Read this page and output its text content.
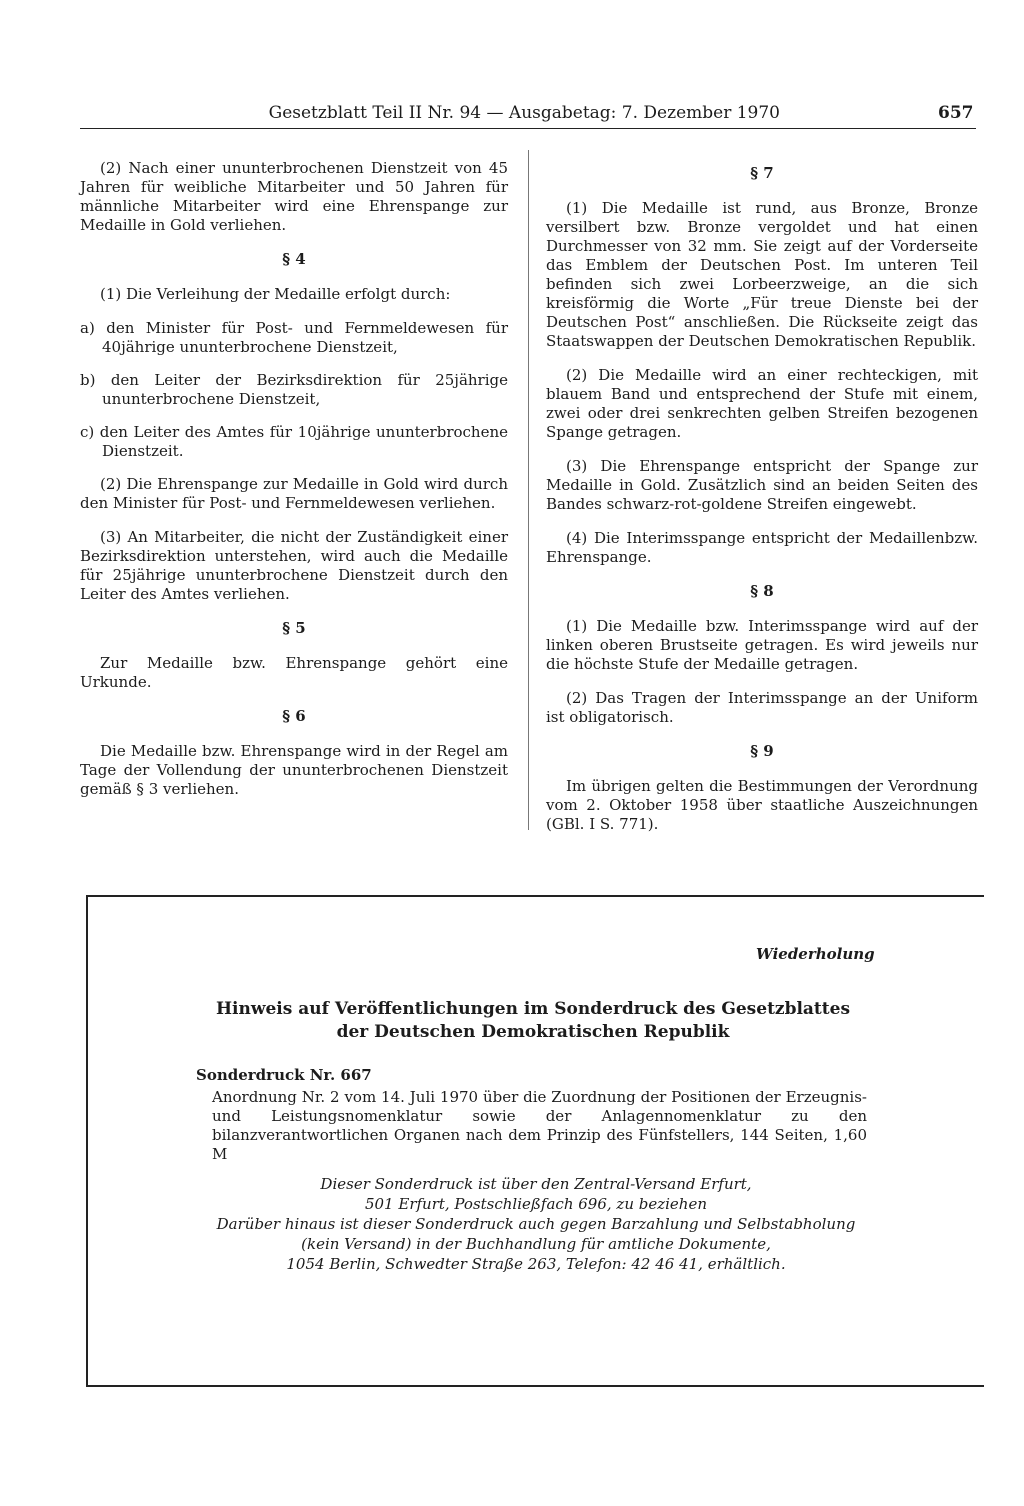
Gesetzblatt Teil II Nr. 94 — Ausgabetag: 7. Dezember 1970	657

(2) Nach einer ununterbrochenen Dienstzeit von 45 Jahren für weibliche Mitarbeiter und 50 Jahren für männliche Mitarbeiter wird eine Ehrenspange zur Medaille in Gold verliehen.

§ 4

(1) Die Verleihung der Medaille erfolgt durch:

a) den Minister für Post- und Fernmeldewesen für 40jährige ununterbrochene Dienstzeit,

b) den Leiter der Bezirksdirektion für 25jährige ununterbrochene Dienstzeit,

c) den Leiter des Amtes für 10jährige ununterbrochene Dienstzeit.

(2) Die Ehrenspange zur Medaille in Gold wird durch den Minister für Post- und Fernmeldewesen verliehen.

(3) An Mitarbeiter, die nicht der Zuständigkeit einer Bezirksdirektion unterstehen, wird auch die Medaille für 25jährige ununterbrochene Dienstzeit durch den Leiter des Amtes verliehen.

§ 5

Zur Medaille bzw. Ehrenspange gehört eine Urkunde.

§ 6

Die Medaille bzw. Ehrenspange wird in der Regel am Tage der Vollendung der ununterbrochenen Dienstzeit gemäß § 3 verliehen.

§ 7

(1) Die Medaille ist rund, aus Bronze, Bronze versilbert bzw. Bronze vergoldet und hat einen Durchmesser von 32 mm. Sie zeigt auf der Vorderseite das Emblem der Deutschen Post. Im unteren Teil befinden sich zwei Lorbeerzweige, an die sich kreisförmig die Worte „Für treue Dienste bei der Deutschen Post“ anschließen. Die Rückseite zeigt das Staatswappen der Deutschen Demokratischen Republik.

(2) Die Medaille wird an einer rechteckigen, mit blauem Band und entsprechend der Stufe mit einem, zwei oder drei senkrechten gelben Streifen bezogenen Spange getragen.

(3) Die Ehrenspange entspricht der Spange zur Medaille in Gold. Zusätzlich sind an beiden Seiten des Bandes schwarz-rot-goldene Streifen eingewebt.

(4) Die Interimsspange entspricht der Medaillenbzw. Ehrenspange.

§ 8

(1) Die Medaille bzw. Interimsspange wird auf der linken oberen Brustseite getragen. Es wird jeweils nur die höchste Stufe der Medaille getragen.

(2) Das Tragen der Interimsspange an der Uniform ist obligatorisch.

§ 9

Im übrigen gelten die Bestimmungen der Verordnung vom 2. Oktober 1958 über staatliche Auszeichnungen (GBl. I S. 771).

Wiederholung
Hinweis auf Veröffentlichungen im Sonderdruck des Gesetzblattes
der Deutschen Demokratischen Republik
Sonderdruck Nr. 667
Anordnung Nr. 2 vom 14. Juli 1970 über die Zuordnung der Positionen der Erzeugnis- und Leistungsnomenklatur sowie der Anlagennomenklatur zu den bilanzverantwortlichen Organen nach dem Prinzip des Fünfstellers, 144 Seiten, 1,60 M
Dieser Sonderdruck ist über den Zentral-Versand Erfurt,
501 Erfurt, Postschließfach 696, zu beziehen
Darüber hinaus ist dieser Sonderdruck auch gegen Barzahlung und Selbstabholung
(kein Versand) in der Buchhandlung für amtliche Dokumente,
1054 Berlin, Schwedter Straße 263, Telefon: 42 46 41, erhältlich.
